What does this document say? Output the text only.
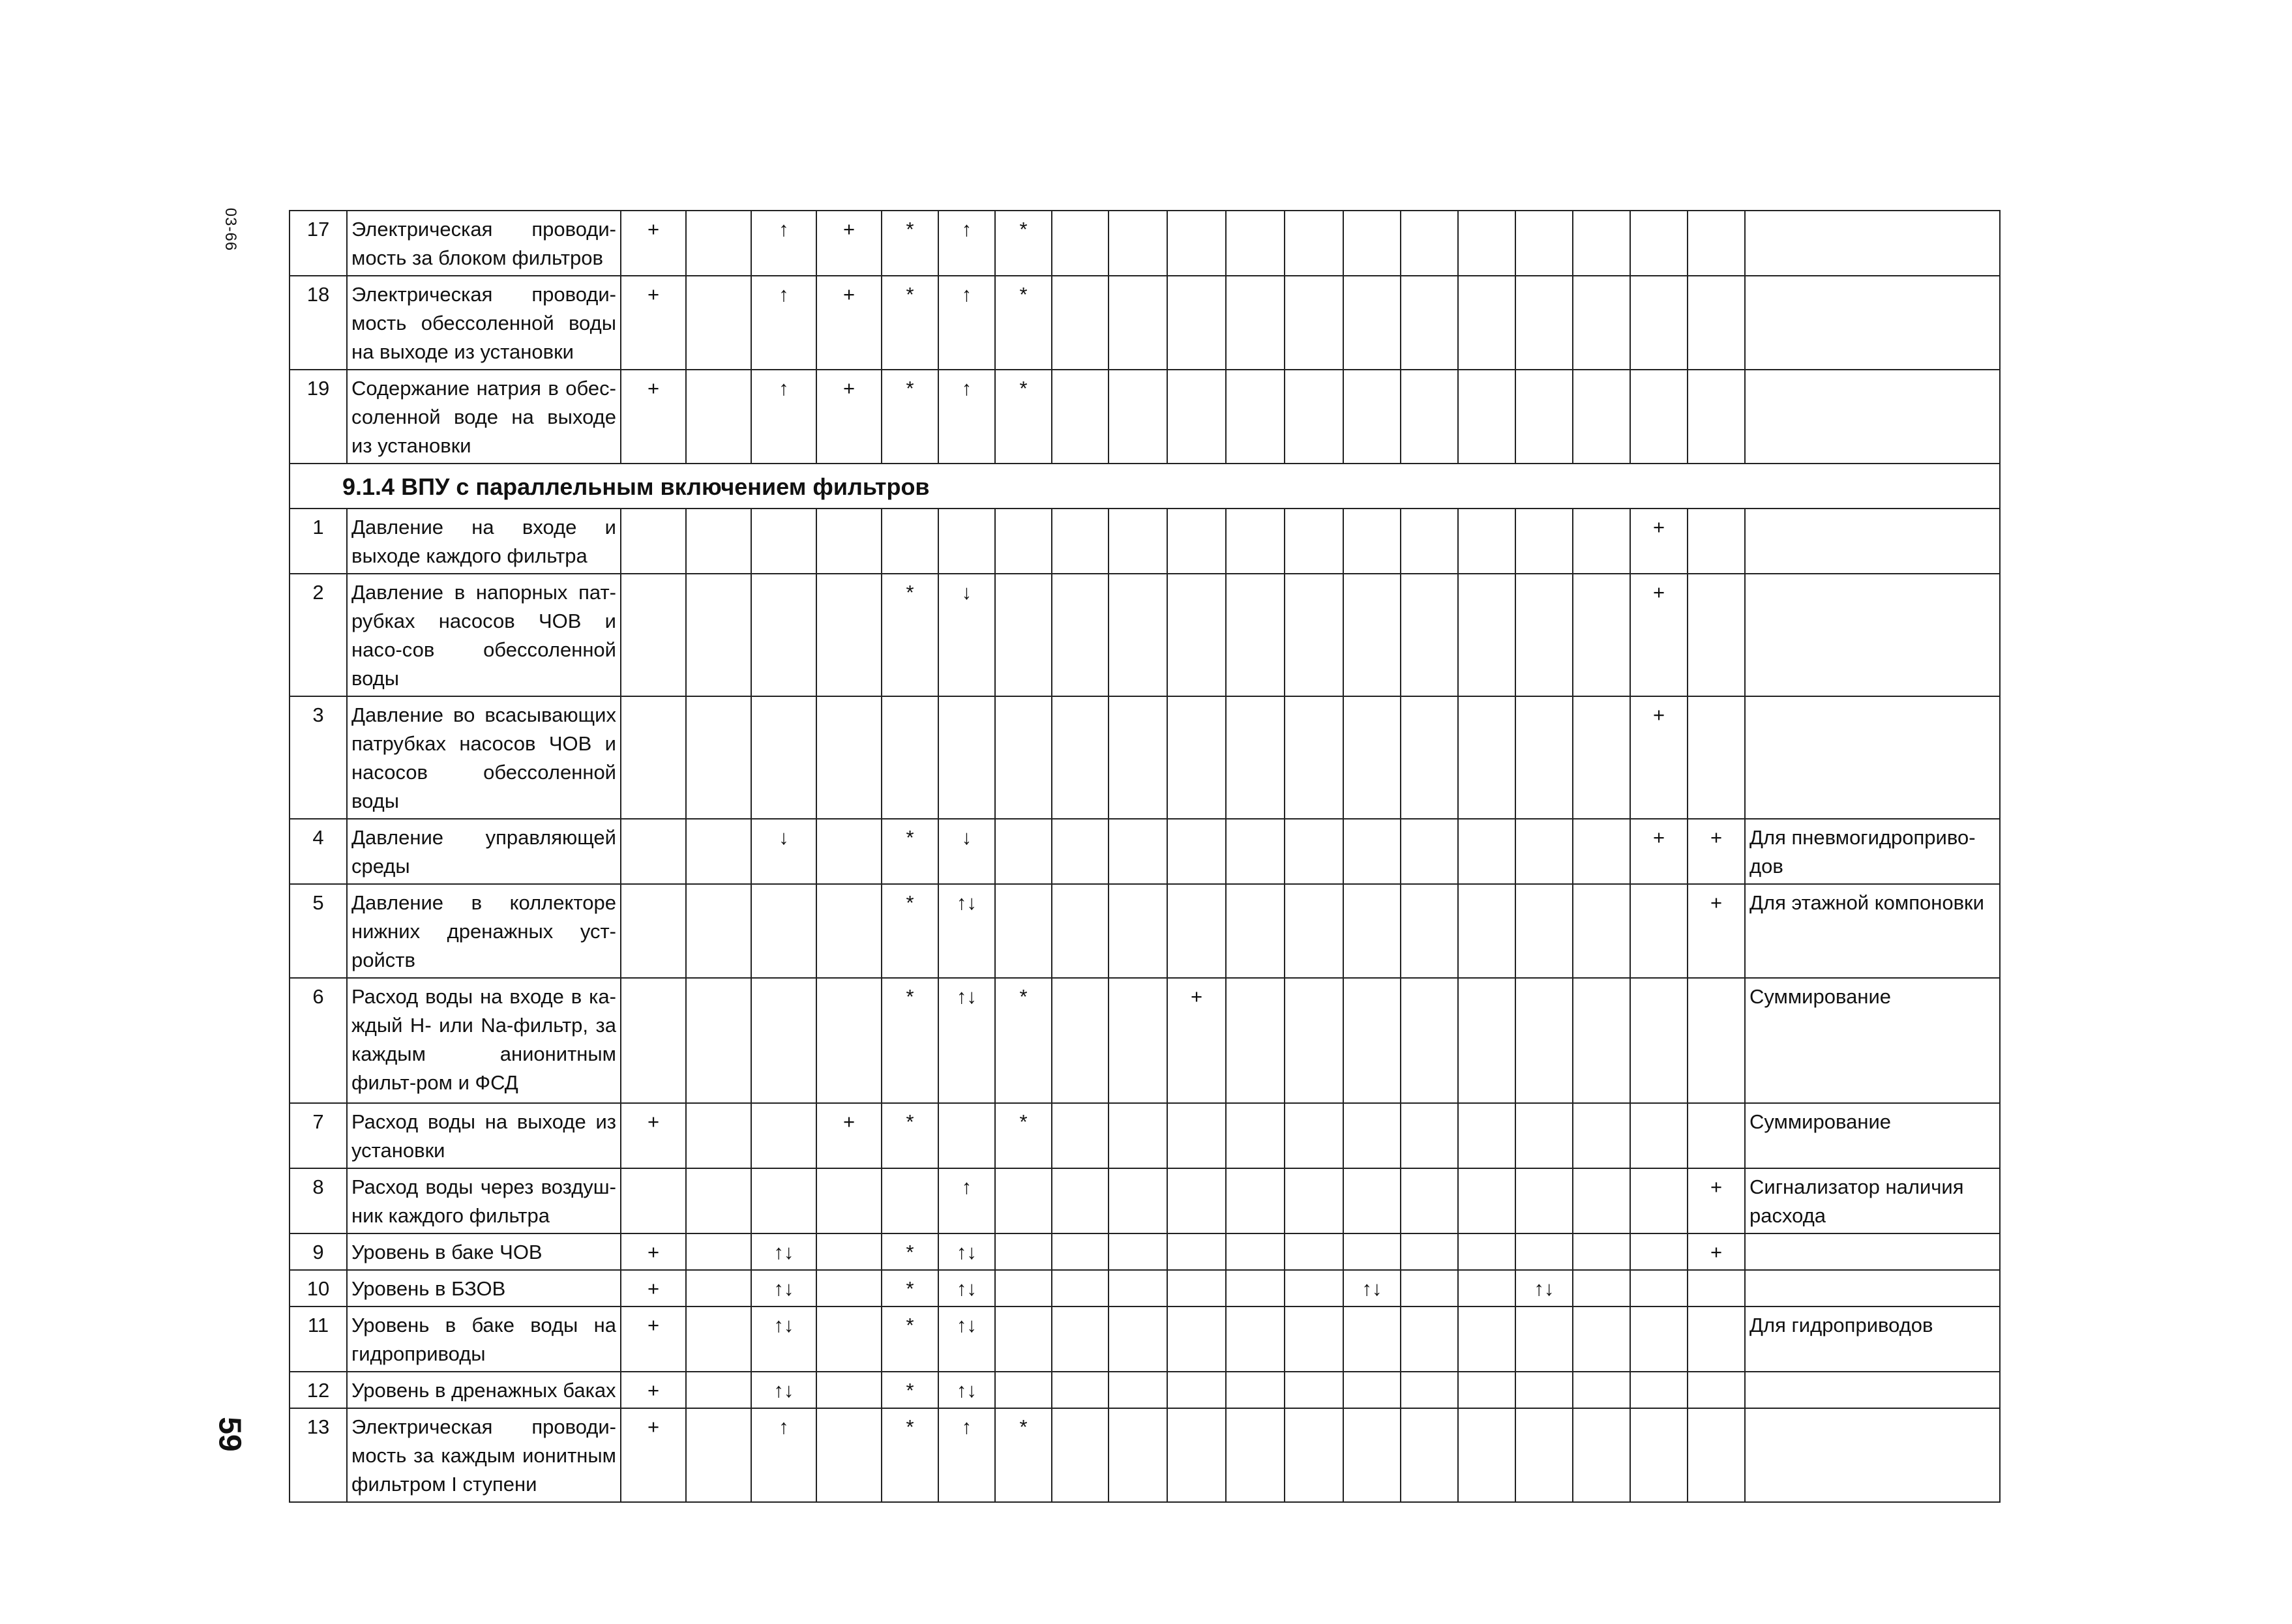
03-66
59
17	Электрическая проводи-мость за блоком фильтров	+		↑	+	*	↑	*													
18	Электрическая проводи-мость обессоленной воды на выходе из установки	+		↑	+	*	↑	*													
19	Содержание натрия в обес-соленной воде на выходе из установки	+		↑	+	*	↑	*													
9.1.4 ВПУ с параллельным включением фильтров																					
1	Давление на входе и выходе каждого фильтра																		+		
2	Давление в напорных пат-рубках насосов ЧОВ и насо-сов обессоленной воды					*	↓												+		
3	Давление во всасывающих патрубках насосов ЧОВ и насосов обессоленной воды																		+		
4	Давление управляющей среды			↓		*	↓												+	+	Для пневмогидроприво-дов
5	Давление в коллекторе нижних дренажных уст-ройств					*	↑↓													+	Для этажной компоновки
6	Расход воды на входе в ка-ждый Н- или Na-фильтр, за каждым анионитным фильт-ром и ФСД					*	↑↓	*			+										Суммирование
7	Расход воды на выходе из установки	+			+	*		*													Суммирование
8	Расход воды через воздуш-ник каждого фильтра						↑													+	Сигнализатор наличия расхода
9	Уровень в баке ЧОВ	+		↑↓		*	↑↓													+	
10	Уровень в БЗОВ	+		↑↓		*	↑↓							↑↓			↑↓				
11	Уровень в баке воды на гидроприводы	+		↑↓		*	↑↓														Для гидроприводов
12	Уровень в дренажных баках	+		↑↓		*	↑↓														
13	Электрическая проводи-мость за каждым ионитным фильтром I ступени	+		↑		*	↑	*													
